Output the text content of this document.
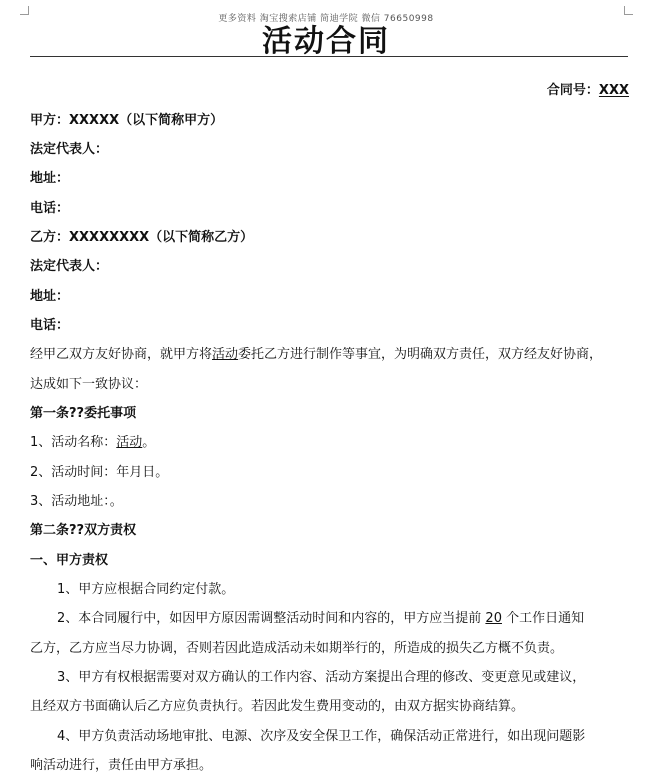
更多资料 淘宝搜索店铺 简迪学院 微信 76650998
活动合同
合同号：XXX
甲方：XXXXX（以下简称甲方）
法定代表人：
地址：
电话：
乙方：XXXXXXXX（以下简称乙方）
法定代表人：
地址：
电话：
经甲乙双方友好协商，就甲方将活动委托乙方进行制作等事宜，为明确双方责任，双方经友好协商，
达成如下一致协议：
第一条??委托事项
1、活动名称：活动。
2、活动时间：年月日。
3、活动地址：。
第二条??双方责权
一、甲方责权
1、甲方应根据合同约定付款。
2、本合同履行中，如因甲方原因需调整活动时间和内容的，甲方应当提前 20 个工作日通知
乙方，乙方应当尽力协调，否则若因此造成活动未如期举行的，所造成的损失乙方概不负责。
3、甲方有权根据需要对双方确认的工作内容、活动方案提出合理的修改、变更意见或建议，
且经双方书面确认后乙方应负责执行。若因此发生费用变动的，由双方据实协商结算。
4、甲方负责活动场地审批、电源、次序及安全保卫工作，确保活动正常进行，如出现问题影
响活动进行，责任由甲方承担。
